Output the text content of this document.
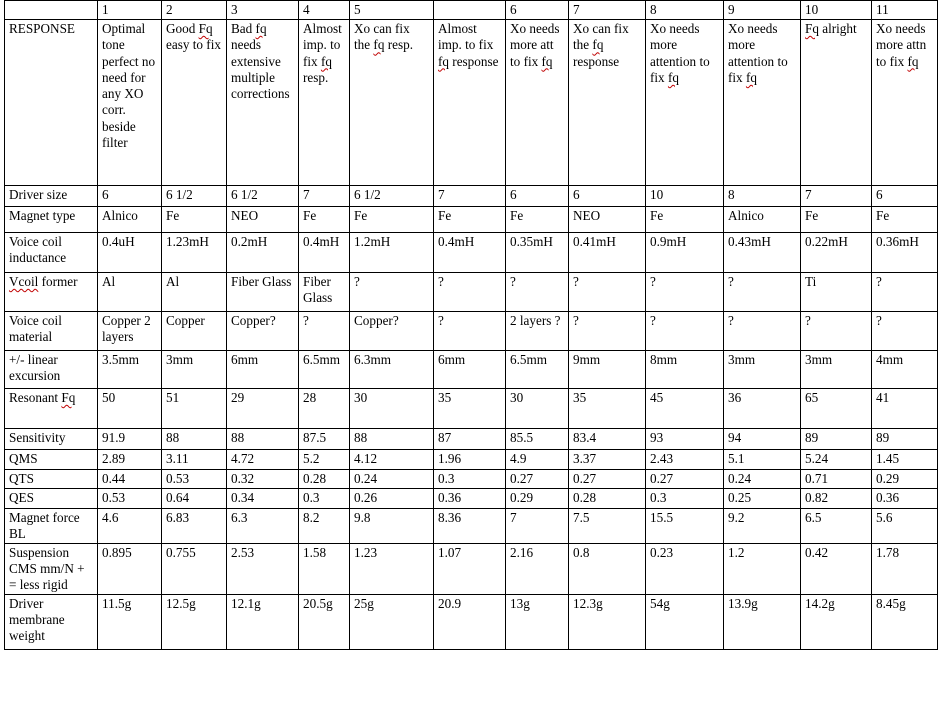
	1	2	3	4	5		6	7	8	9	10	11
RESPONSE	Optimal tone perfect no need for any XO corr. beside filter	Good Fq easy to fix	Bad fq needs extensive multiple corrections	Almost imp. to fix fq resp.	Xo can fix the fq resp.	Almost imp. to fix fq response	Xo needs more att to fix fq	Xo can fix the fq response	Xo needs more attention to fix fq	Xo needs more attention to fix fq	Fq alright	Xo needs more attn to fix fq
Driver size	6	6 1/2	6 1/2	7	6 1/2	7	6	6	10	8	7	6
Magnet type	Alnico	Fe	NEO	Fe	Fe	Fe	Fe	NEO	Fe	Alnico	Fe	Fe
Voice coil inductance	0.4uH	1.23mH	0.2mH	0.4mH	1.2mH	0.4mH	0.35mH	0.41mH	0.9mH	0.43mH	0.22mH	0.36mH
Vcoil former	Al	Al	Fiber Glass	Fiber Glass	?	?	?	?	?	?	Ti	?
Voice coil material	Copper 2 layers	Copper	Copper?	?	Copper?	?	2 layers ?	?	?	?	?	?
+/- linear excursion	3.5mm	3mm	6mm	6.5mm	6.3mm	6mm	6.5mm	9mm	8mm	3mm	3mm	4mm
Resonant Fq	50	51	29	28	30	35	30	35	45	36	65	41
Sensitivity	91.9	88	88	87.5	88	87	85.5	83.4	93	94	89	89
QMS	2.89	3.11	4.72	5.2	4.12	1.96	4.9	3.37	2.43	5.1	5.24	1.45
QTS	0.44	0.53	0.32	0.28	0.24	0.3	0.27	0.27	0.27	0.24	0.71	0.29
QES	0.53	0.64	0.34	0.3	0.26	0.36	0.29	0.28	0.3	0.25	0.82	0.36
Magnet force BL	4.6	6.83	6.3	8.2	9.8	8.36	7	7.5	15.5	9.2	6.5	5.6
Suspension CMS mm/N + = less rigid	0.895	0.755	2.53	1.58	1.23	1.07	2.16	0.8	0.23	1.2	0.42	1.78
Driver membrane weight	11.5g	12.5g	12.1g	20.5g	25g	20.9	13g	12.3g	54g	13.9g	14.2g	8.45g
